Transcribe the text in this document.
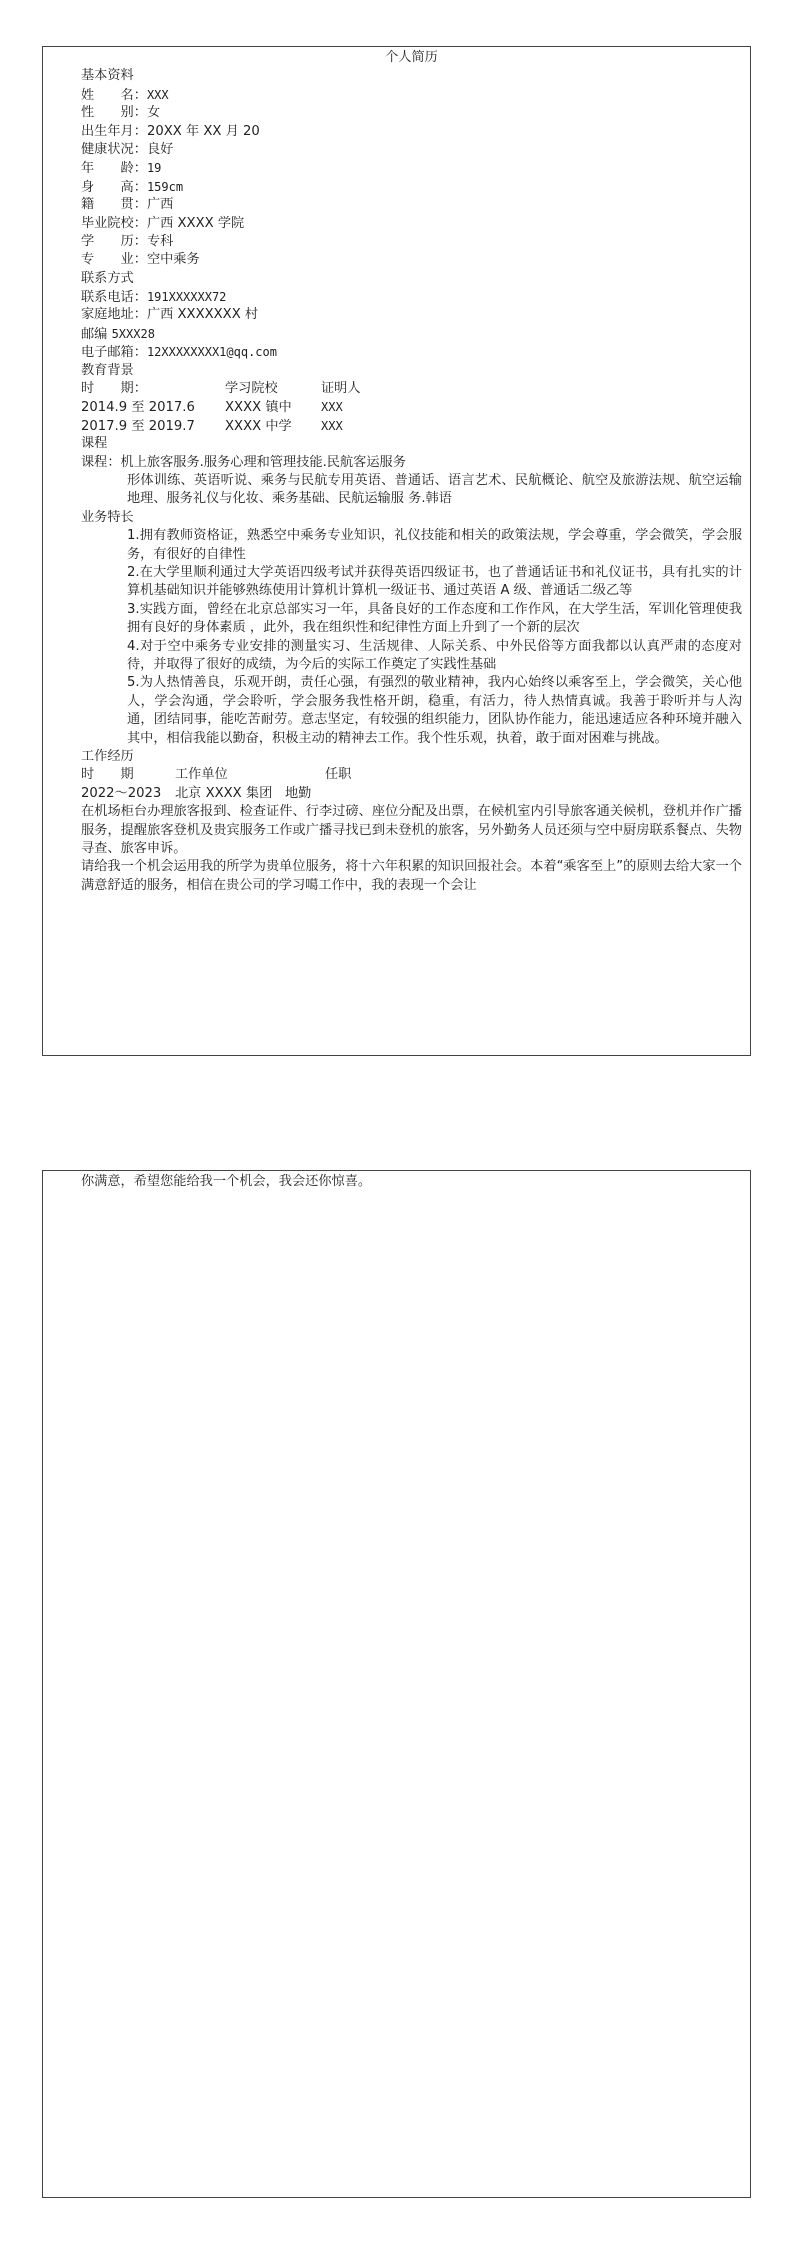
个人简历
基本资料
姓　　名：XXX
性　　别：女
出生年月：20XX 年 XX 月 20
健康状况：良好
年　　龄：19
身　　高：159cm
籍　　贯：广西
毕业院校：广西 XXXX 学院
学　　历：专科
专　　业：空中乘务
联系方式
联系电话：191XXXXXX72
家庭地址：广西 XXXXXXX 村
邮编 5XXX28
电子邮箱：12XXXXXXXX1@qq.com
教育背景
时　　期：	学习院校	证明人
2014.9 至 2017.6 XXXX 镇中 XXX
2017.9 至 2019.7 XXXX 中学 XXX
课程
课程：机上旅客服务.服务心理和管理技能.民航客运服务
形体训练、英语听说、乘务与民航专用英语、普通话、语言艺术、民航概论、航空及旅游法规、航空运输地理、服务礼仪与化妆、乘务基础、民航运输服 务.韩语
业务特长
1.拥有教师资格证，熟悉空中乘务专业知识，礼仪技能和相关的政策法规，学会尊重，学会微笑，学会服务，有很好的自律性
2.在大学里顺利通过大学英语四级考试并获得英语四级证书，也了普通话证书和礼仪证书，具有扎实的计算机基础知识并能够熟练使用计算机计算机一级证书、通过英语 A 级、普通话二级乙等
3.实践方面，曾经在北京总部实习一年，具备良好的工作态度和工作作风，在大学生活，军训化管理使我拥有良好的身体素质 ，此外，我在组织性和纪律性方面上升到了一个新的层次
4.对于空中乘务专业安排的测量实习、生活规律、人际关系、中外民俗等方面我都以认真严肃的态度对待，并取得了很好的成绩，为今后的实际工作奠定了实践性基础
5.为人热情善良，乐观开朗，责任心强，有强烈的敬业精神，我内心始终以乘客至上，学会微笑，关心他人，学会沟通，学会聆听，学会服务我性格开朗，稳重，有活力，待人热情真诚。我善于聆听并与人沟通，团结同事，能吃苦耐劳。意志坚定，有较强的组织能力，团队协作能力，能迅速适应各种环境并融入其中，相信我能以勤奋，积极主动的精神去工作。我个性乐观，执着，敢于面对困难与挑战。
工作经历
时　　期	工作单位	任职
2022～2023 北京 XXXX 集团 地勤
在机场柜台办理旅客报到、检查证件、行李过磅、座位分配及出票，在候机室内引导旅客通关候机，登机并作广播服务，提醒旅客登机及贵宾服务工作或广播寻找已到未登机的旅客，另外勤务人员还须与空中厨房联系餐点、失物寻查、旅客申诉。
请给我一个机会运用我的所学为贵单位服务，将十六年积累的知识回报社会。本着“乘客至上”的原则去给大家一个满意舒适的服务，相信在贵公司的学习噶工作中，我的表现一个会让
你满意，希望您能给我一个机会，我会还你惊喜。
